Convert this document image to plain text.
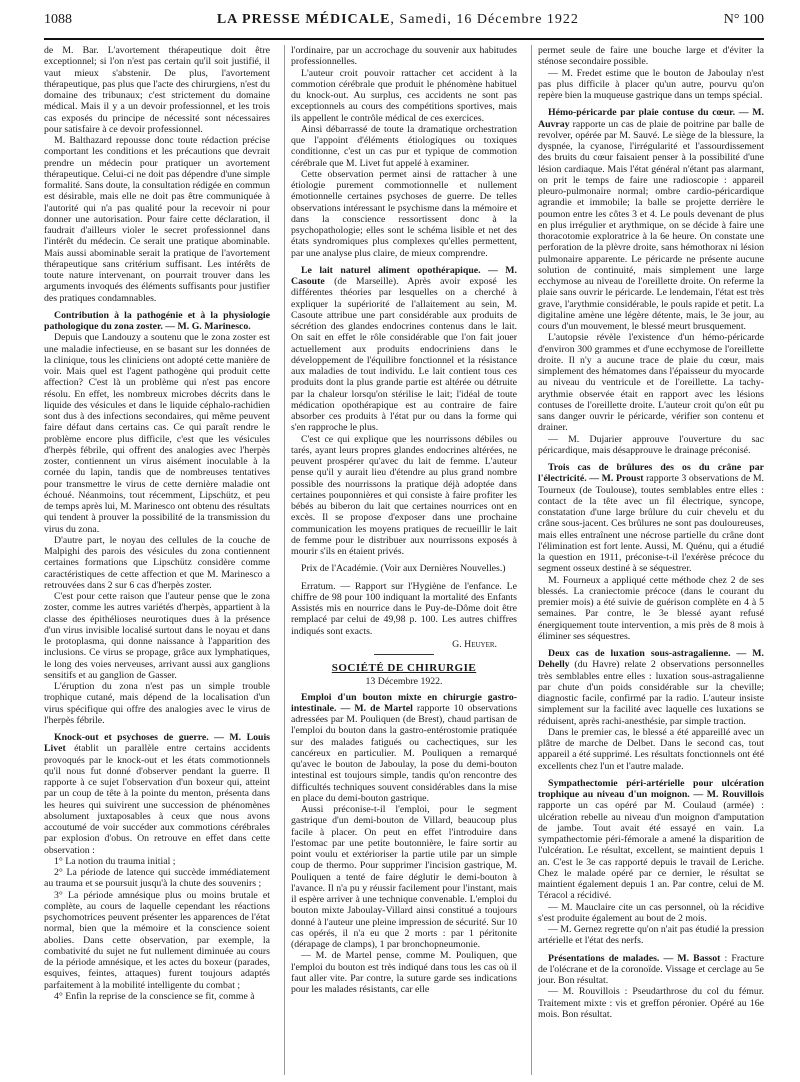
1088	LA PRESSE MÉDICALE, Samedi, 16 Décembre 1922	N° 100

de M. Bar. L'avortement thérapeutique doit être exceptionnel; si l'on n'est pas certain qu'il soit justifié, il vaut mieux s'abstenir. De plus, l'avortement thérapeutique, pas plus que l'acte des chirurgiens, n'est du domaine des tribunaux; c'est strictement du domaine médical. Mais il y a un devoir professionnel, et les trois cas exposés du principe de nécessité sont nécessaires pour satisfaire à ce devoir professionnel.

M. Balthazard repousse donc toute rédaction précise comportant les conditions et les précautions que devrait prendre un médecin pour pratiquer un avortement thérapeutique. Celui-ci ne doit pas dépendre d'une simple formalité. Sans doute, la consultation rédigée en commun est désirable, mais elle ne doit pas être communiquée à l'autorité qui n'a pas qualité pour la recevoir ni pour donner une autorisation. Pour faire cette déclaration, il faudrait d'ailleurs violer le secret professionnel dans l'intérêt du médecin. Ce serait une pratique abominable. Mais aussi abominable serait la pratique de l'avortement thérapeutique sans critérium suffisant. Les intérêts de toute nature intervenant, on pourrait trouver dans les arguments invoqués des éléments suffisants pour justifier des pratiques condamnables.

Contribution à la pathogénie et à la physiologie pathologique du zona zoster. — M. G. Marinesco.

Depuis que Landouzy a soutenu que le zona zoster est une maladie infectieuse, en se basant sur les données de la clinique, tous les cliniciens ont adopté cette manière de voir. Mais quel est l'agent pathogène qui produit cette affection? C'est là un problème qui n'est pas encore résolu. En effet, les nombreux microbes décrits dans le liquide des vésicules et dans le liquide céphalo-rachidien sont dus à des infections secondaires, qui même peuvent faire défaut dans certains cas. Ce qui paraît rendre le problème encore plus difficile, c'est que les vésicules d'herpès fébrile, qui offrent des analogies avec l'herpès zoster, contiennent un virus aisément inoculable à la cornée du lapin, tandis que de nombreuses tentatives pour transmettre le virus de cette dernière maladie ont échoué. Néanmoins, tout récemment, Lipschütz, et peu de temps après lui, M. Marinesco ont obtenu des résultats qui tendent à prouver la possibilité de la transmission du virus du zona.

D'autre part, le noyau des cellules de la couche de Malpighi des parois des vésicules du zona contiennent certaines formations que Lipschütz considère comme caractéristiques de cette affection et que M. Marinesco a retrouvées dans 2 sur 6 cas d'herpès zoster.

C'est pour cette raison que l'auteur pense que le zona zoster, comme les autres variétés d'herpès, appartient à la classe des épithélioses neurotiques dues à la présence d'un virus invisible localisé surtout dans le noyau et dans le protoplasma, qui donne naissance à l'apparition des inclusions. Ce virus se propage, grâce aux lymphatiques, le long des voies nerveuses, arrivant aussi aux ganglions sensitifs et au ganglion de Gasser.

L'éruption du zona n'est pas un simple trouble trophique cutané, mais dépend de la localisation d'un virus spécifique qui offre des analogies avec le virus de l'herpès fébrile.

Knock-out et psychoses de guerre. — M. Louis Livet établit un parallèle entre certains accidents provoqués par le knock-out et les états commotionnels qu'il nous fut donné d'observer pendant la guerre. Il rapporte à ce sujet l'observation d'un boxeur qui, atteint par un coup de tête à la pointe du menton, présenta dans les heures qui suivirent une succession de phénomènes absolument juxtaposables à ceux que nous avons accoutumé de voir succéder aux commotions cérébrales par explosion d'obus. On retrouve en effet dans cette observation :

1° La notion du trauma initial ;

2° La période de latence qui succède immédiatement au trauma et se poursuit jusqu'à la chute des souvenirs ;

3° La période amnésique plus ou moins brutale et complète, au cours de laquelle cependant les réactions psychomotrices peuvent présenter les apparences de l'état normal, bien que la mémoire et la conscience soient abolies. Dans cette observation, par exemple, la combativité du sujet ne fut nullement diminuée au cours de la période amnésique, et les actes du boxeur (parades, esquives, feintes, attaques) furent toujours adaptés parfaitement à la mobilité intelligente du combat ;

4° Enfin la reprise de la conscience se fit, comme à

l'ordinaire, par un accrochage du souvenir aux habitudes professionnelles.

L'auteur croit pouvoir rattacher cet accident à la commotion cérébrale que produit le phénomène habituel du knock-out. Au surplus, ces accidents ne sont pas exceptionnels au cours des compétitions sportives, mais ils appellent le contrôle médical de ces exercices.

Ainsi débarrassé de toute la dramatique orchestration que l'appoint d'éléments étiologiques ou toxiques conditionne, c'est un cas pur et typique de commotion cérébrale que M. Livet fut appelé à examiner.

Cette observation permet ainsi de rattacher à une étiologie purement commotionnelle et nullement émotionnelle certaines psychoses de guerre. De telles observations intéressant le psychisme dans la mémoire et dans la conscience ressortissent donc à la psychopathologie; elles sont le schéma lisible et net des états syndromiques plus complexes qu'elles permettent, par une analyse plus claire, de mieux comprendre.

Le lait naturel aliment opothérapique. — M. Casoute (de Marseille). Après avoir exposé les différentes théories par lesquelles on a cherché à expliquer la supériorité de l'allaitement au sein, M. Casoute attribue une part considérable aux produits de sécrétion des glandes endocrines contenus dans le lait. On sait en effet le rôle considérable que l'on fait jouer actuellement aux produits endocriniens dans le développement de l'équilibre fonctionnel et la résistance aux maladies de tout individu. Le lait contient tous ces produits dont la plus grande partie est altérée ou détruite par la chaleur lorsqu'on stérilise le lait; l'idéal de toute médication opothérapique est au contraire de faire absorber ces produits à l'état pur ou dans la forme qui s'en rapproche le plus.

C'est ce qui explique que les nourrissons débiles ou tarés, ayant leurs propres glandes endocrines altérées, ne peuvent prospérer qu'avec du lait de femme. L'auteur pense qu'il y aurait lieu d'étendre au plus grand nombre possible des nourrissons la pratique déjà adoptée dans certaines pouponnières et qui consiste à faire profiter les bébés au biberon du lait que certaines nourrices ont en excès. Il se propose d'exposer dans une prochaine communication les moyens pratiques de recueillir le lait de femme pour le distribuer aux nourrissons exposés à mourir s'ils en étaient privés.

Prix de l'Académie. (Voir aux Dernières Nouvelles.)

Erratum. — Rapport sur l'Hygiène de l'enfance. Le chiffre de 98 pour 100 indiquant la mortalité des Enfants Assistés mis en nourrice dans le Puy-de-Dôme doit être remplacé par celui de 49,98 p. 100. Les autres chiffres indiqués sont exacts.

G. Heuyer.
SOCIÉTÉ DE CHIRURGIE
13 Décembre 1922.

Emploi d'un bouton mixte en chirurgie gastro-intestinale. — M. de Martel rapporte 10 observations adressées par M. Pouliquen (de Brest), chaud partisan de l'emploi du bouton dans la gastro-entérostomie pratiquée sur des malades fatigués ou cachectiques, sur les cancéreux en particulier. M. Pouliquen a remarqué qu'avec le bouton de Jaboulay, la pose du demi-bouton intestinal est toujours simple, tandis qu'on rencontre des difficultés techniques souvent considérables dans la mise en place du demi-bouton gastrique.

Aussi préconise-t-il l'emploi, pour le segment gastrique d'un demi-bouton de Villard, beaucoup plus facile à placer. On peut en effet l'introduire dans l'estomac par une petite boutonnière, le faire sortir au point voulu et extérioriser la partie utile par un simple coup de thermo. Pour supprimer l'incision gastrique, M. Pouliquen a tenté de faire déglutir le demi-bouton à l'avance. Il n'a pu y réussir facilement pour l'instant, mais il espère arriver à une technique convenable. L'emploi du bouton mixte Jaboulay-Villard ainsi constitué a toujours donné à l'auteur une pleine impression de sécurité. Sur 10 cas opérés, il n'a eu que 2 morts : par 1 péritonite (dérapage de clamps), 1 par bronchopneumonie.

— M. de Martel pense, comme M. Pouliquen, que l'emploi du bouton est très indiqué dans tous les cas où il faut aller vite. Par contre, la suture garde ses indications pour les malades résistants, car elle

permet seule de faire une bouche large et d'éviter la sténose secondaire possible.

— M. Fredet estime que le bouton de Jaboulay n'est pas plus difficile à placer qu'un autre, pourvu qu'on repère bien la muqueuse gastrique dans un temps spécial.

Hémo-péricarde par plaie contuse du cœur. — M. Auvray rapporte un cas de plaie de poitrine par balle de revolver, opérée par M. Sauvé. Le siège de la blessure, la dyspnée, la cyanose, l'irrégularité et l'assourdissement des bruits du cœur faisaient penser à la possibilité d'une lésion cardiaque. Mais l'état général n'étant pas alarmant, on prit le temps de faire une radioscopie : appareil pleuro-pulmonaire normal; ombre cardio-péricardique agrandie et immobile; la balle se projette derrière le poumon entre les côtes 3 et 4. Le pouls devenant de plus en plus irrégulier et arythmique, on se décide à faire une thoracotomie exploratrice à la 6e heure. On constate une perforation de la plèvre droite, sans hémothorax ni lésion pulmonaire apparente. Le péricarde ne présente aucune solution de continuité, mais simplement une large ecchymose au niveau de l'oreillette droite. On referme la plaie sans ouvrir le péricarde. Le lendemain, l'état est très grave, l'arythmie considérable, le pouls rapide et petit. La digitaline amène une légère détente, mais, le 3e jour, au cours d'un mouvement, le blessé meurt brusquement.

L'autopsie révèle l'existence d'un hémo-péricarde d'environ 300 grammes et d'une ecchymose de l'oreillette droite. Il n'y a aucune trace de plaie du cœur, mais simplement des hématomes dans l'épaisseur du myocarde au niveau du ventricule et de l'oreillette. La tachy-arythmie observée était en rapport avec les lésions contuses de l'oreillette droite. L'auteur croit qu'on eût pu sans danger ouvrir le péricarde, vérifier son contenu et drainer.

— M. Dujarier approuve l'ouverture du sac péricardique, mais désapprouve le drainage préconisé.

Trois cas de brûlures des os du crâne par l'électricité. — M. Proust rapporte 3 observations de M. Tourneux (de Toulouse), toutes semblables entre elles : contact de la tête avec un fil électrique, syncope, constatation d'une large brûlure du cuir chevelu et du crâne sous-jacent. Ces brûlures ne sont pas douloureuses, mais elles entraînent une nécrose partielle du crâne dont l'élimination est fort lente. Aussi, M. Quénu, qui a étudié la question en 1911, préconise-t-il l'exérèse précoce du segment osseux destiné à se séquestrer.

M. Fourneux a appliqué cette méthode chez 2 de ses blessés. La craniectomie précoce (dans le courant du premier mois) a été suivie de guérison complète en 4 à 5 semaines. Par contre, le 3e blessé ayant refusé énergiquement toute intervention, a mis près de 8 mois à éliminer ses séquestres.

Deux cas de luxation sous-astragalienne. — M. Dehelly (du Havre) relate 2 observations personnelles très semblables entre elles : luxation sous-astragalienne par chute d'un poids considérable sur la cheville; diagnostic facile, confirmé par la radio. L'auteur insiste simplement sur la facilité avec laquelle ces luxations se réduisent, après rachi-anesthésie, par simple traction.

Dans le premier cas, le blessé a été appareillé avec un plâtre de marche de Delbet. Dans le second cas, tout appareil a été supprimé. Les résultats fonctionnels ont été excellents chez l'un et l'autre malade.

Sympathectomie péri-artérielle pour ulcération trophique au niveau d'un moignon. — M. Rouvillois rapporte un cas opéré par M. Coulaud (armée) : ulcération rebelle au niveau d'un moignon d'amputation de jambe. Tout avait été essayé en vain. La sympathectomie péri-fémorale a amené la disparition de l'ulcération. Le résultat, excellent, se maintient depuis 1 an. C'est le 3e cas rapporté depuis le travail de Leriche. Chez le malade opéré par ce dernier, le résultat se maintient également depuis 1 an. Par contre, celui de M. Téracol a récidivé.

— M. Mauclaire cite un cas personnel, où la récidive s'est produite également au bout de 2 mois.

— M. Gernez regrette qu'on n'ait pas étudié la pression artérielle et l'état des nerfs.

Présentations de malades. — M. Bassot : Fracture de l'olécrane et de la coronoïde. Vissage et cerclage au 5e jour. Bon résultat.

— M. Rouvillois : Pseudarthrose du col du fémur. Traitement mixte : vis et greffon péronier. Opéré au 16e mois. Bon résultat.
